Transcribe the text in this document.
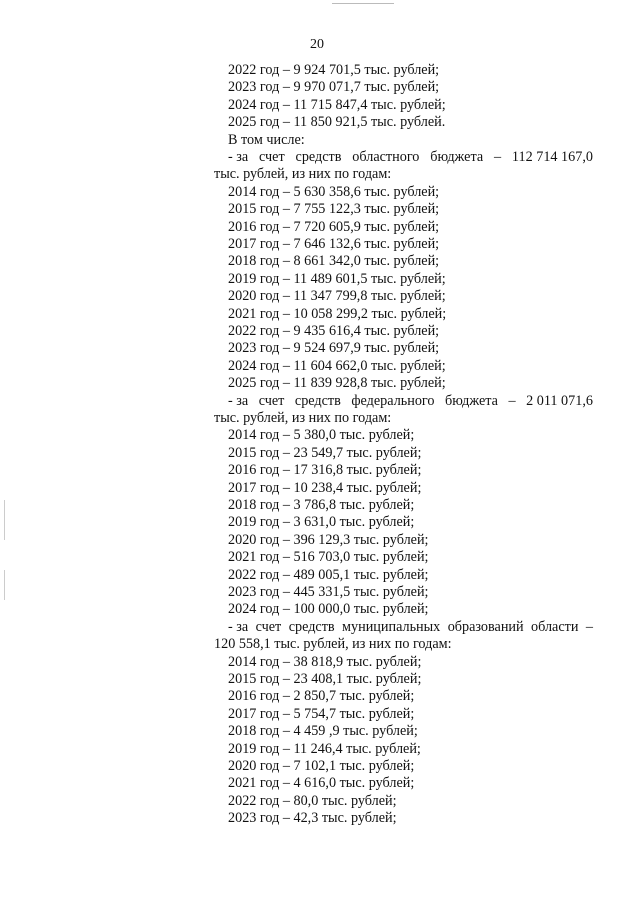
20
2022 год – 9 924 701,5 тыс. рублей;
2023 год – 9 970 071,7 тыс. рублей;
2024 год – 11 715 847,4 тыс. рублей;
2025 год – 11 850 921,5 тыс. рублей.
В том числе:
- за счет средств областного бюджета – 112 714 167,0
тыс. рублей, из них по годам:
2014 год – 5 630 358,6 тыс. рублей;
2015 год – 7 755 122,3 тыс. рублей;
2016 год – 7 720 605,9 тыс. рублей;
2017 год – 7 646 132,6 тыс. рублей;
2018 год – 8 661 342,0 тыс. рублей;
2019 год – 11 489 601,5 тыс. рублей;
2020 год – 11 347 799,8 тыс. рублей;
2021 год – 10 058 299,2 тыс. рублей;
2022 год – 9 435 616,4 тыс. рублей;
2023 год – 9 524 697,9 тыс. рублей;
2024 год – 11 604 662,0 тыс. рублей;
2025 год – 11 839 928,8 тыс. рублей;
- за счет средств федерального бюджета – 2 011 071,6
тыс. рублей, из них по годам:
2014 год – 5 380,0 тыс. рублей;
2015 год – 23 549,7 тыс. рублей;
2016 год – 17 316,8 тыс. рублей;
2017 год – 10 238,4 тыс. рублей;
2018 год – 3 786,8 тыс. рублей;
2019 год – 3 631,0 тыс. рублей;
2020 год – 396 129,3 тыс. рублей;
2021 год – 516 703,0 тыс. рублей;
2022 год – 489 005,1 тыс. рублей;
2023 год – 445 331,5 тыс. рублей;
2024 год – 100 000,0 тыс. рублей;
- за счет средств муниципальных образований области –
120 558,1 тыс. рублей, из них по годам:
2014 год – 38 818,9 тыс. рублей;
2015 год – 23 408,1 тыс. рублей;
2016 год – 2 850,7 тыс. рублей;
2017 год – 5 754,7 тыс. рублей;
2018 год – 4 459 ,9 тыс. рублей;
2019 год – 11 246,4 тыс. рублей;
2020 год – 7 102,1 тыс. рублей;
2021 год – 4 616,0 тыс. рублей;
2022 год – 80,0 тыс. рублей;
2023 год – 42,3 тыс. рублей;
